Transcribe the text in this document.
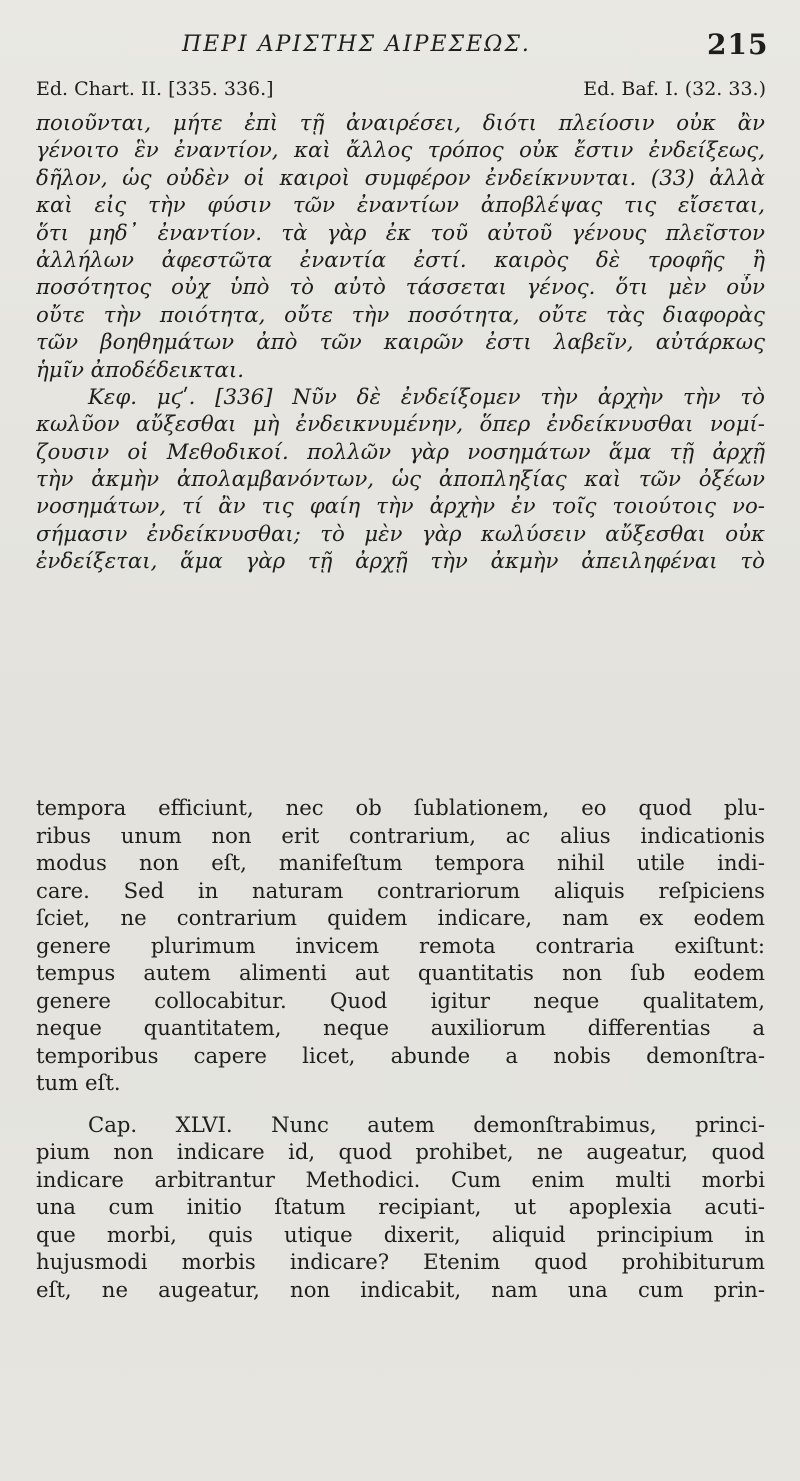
ΠΕΡΙ ΑΡΙΣΤΗΣ ΑΙΡΕΣΕΩΣ.	215
Ed. Chart. II. [335. 336.]	Ed. Baf. I. (32. 33.)
ποιοῦνται, μήτε ἐπὶ τῇ ἀναιρέσει, διότι πλείοσιν οὐκ ἂν
γένοιτο ἓν ἐναντίον, καὶ ἄλλος τρόπος οὐκ ἔστιν ἐνδείξεως,
δῆλον, ὡς οὐδὲν οἱ καιροὶ συμφέρον ἐνδείκνυνται. (33) ἀλλὰ
καὶ εἰς τὴν φύσιν τῶν ἐναντίων ἀποβλέψας τις εἴσεται,
ὅτι μηδ᾽ ἐναντίον. τὰ γὰρ ἐκ τοῦ αὐτοῦ γένους πλεῖστον
ἀλλήλων ἀφεστῶτα ἐναντία ἐστί. καιρὸς δὲ τροφῆς ἢ
ποσότητος οὐχ ὑπὸ τὸ αὐτὸ τάσσεται γένος. ὅτι μὲν οὖν
οὔτε τὴν ποιότητα, οὔτε τὴν ποσότητα, οὔτε τὰς διαφορὰς
τῶν βοηθημάτων ἀπὸ τῶν καιρῶν ἐστι λαβεῖν, αὐτάρκως
ἡμῖν ἀποδέδεικται.
Κεφ. μϛʹ. [336] Νῦν δὲ ἐνδείξομεν τὴν ἀρχὴν τὴν τὸ
κωλῦον αὔξεσθαι μὴ ἐνδεικνυμένην, ὅπερ ἐνδείκνυσθαι νομί-
ζουσιν οἱ Μεθοδικοί. πολλῶν γὰρ νοσημάτων ἅμα τῇ ἀρχῇ
τὴν ἀκμὴν ἀπολαμβανόντων, ὡς ἀποπληξίας καὶ τῶν ὀξέων
νοσημάτων, τί ἂν τις φαίη τὴν ἀρχὴν ἐν τοῖς τοιούτοις νο-
σήμασιν ἐνδείκνυσθαι; τὸ μὲν γὰρ κωλύσειν αὔξεσθαι οὐκ
ἐνδείξεται, ἅμα γὰρ τῇ ἀρχῇ τὴν ἀκμὴν ἀπειληφέναι τὸ
tempora efficiunt, nec ob ſublationem, eo quod plu-
ribus unum non erit contrarium, ac alius indicationis
modus non eſt, manifeſtum tempora nihil utile indi-
care. Sed in naturam contrariorum aliquis reſpiciens
ſciet, ne contrarium quidem indicare, nam ex eodem
genere plurimum invicem remota contraria exiſtunt:
tempus autem alimenti aut quantitatis non ſub eodem
genere collocabitur. Quod igitur neque qualitatem,
neque quantitatem, neque auxiliorum differentias a
temporibus capere licet, abunde a nobis demonſtra-
tum eſt.
Cap. XLVI. Nunc autem demonſtrabimus, princi-
pium non indicare id, quod prohibet, ne augeatur, quod
indicare arbitrantur Methodici. Cum enim multi morbi
una cum initio ſtatum recipiant, ut apoplexia acuti-
que morbi, quis utique dixerit, aliquid principium in
hujusmodi morbis indicare? Etenim quod prohibiturum
eſt, ne augeatur, non indicabit, nam una cum prin-
